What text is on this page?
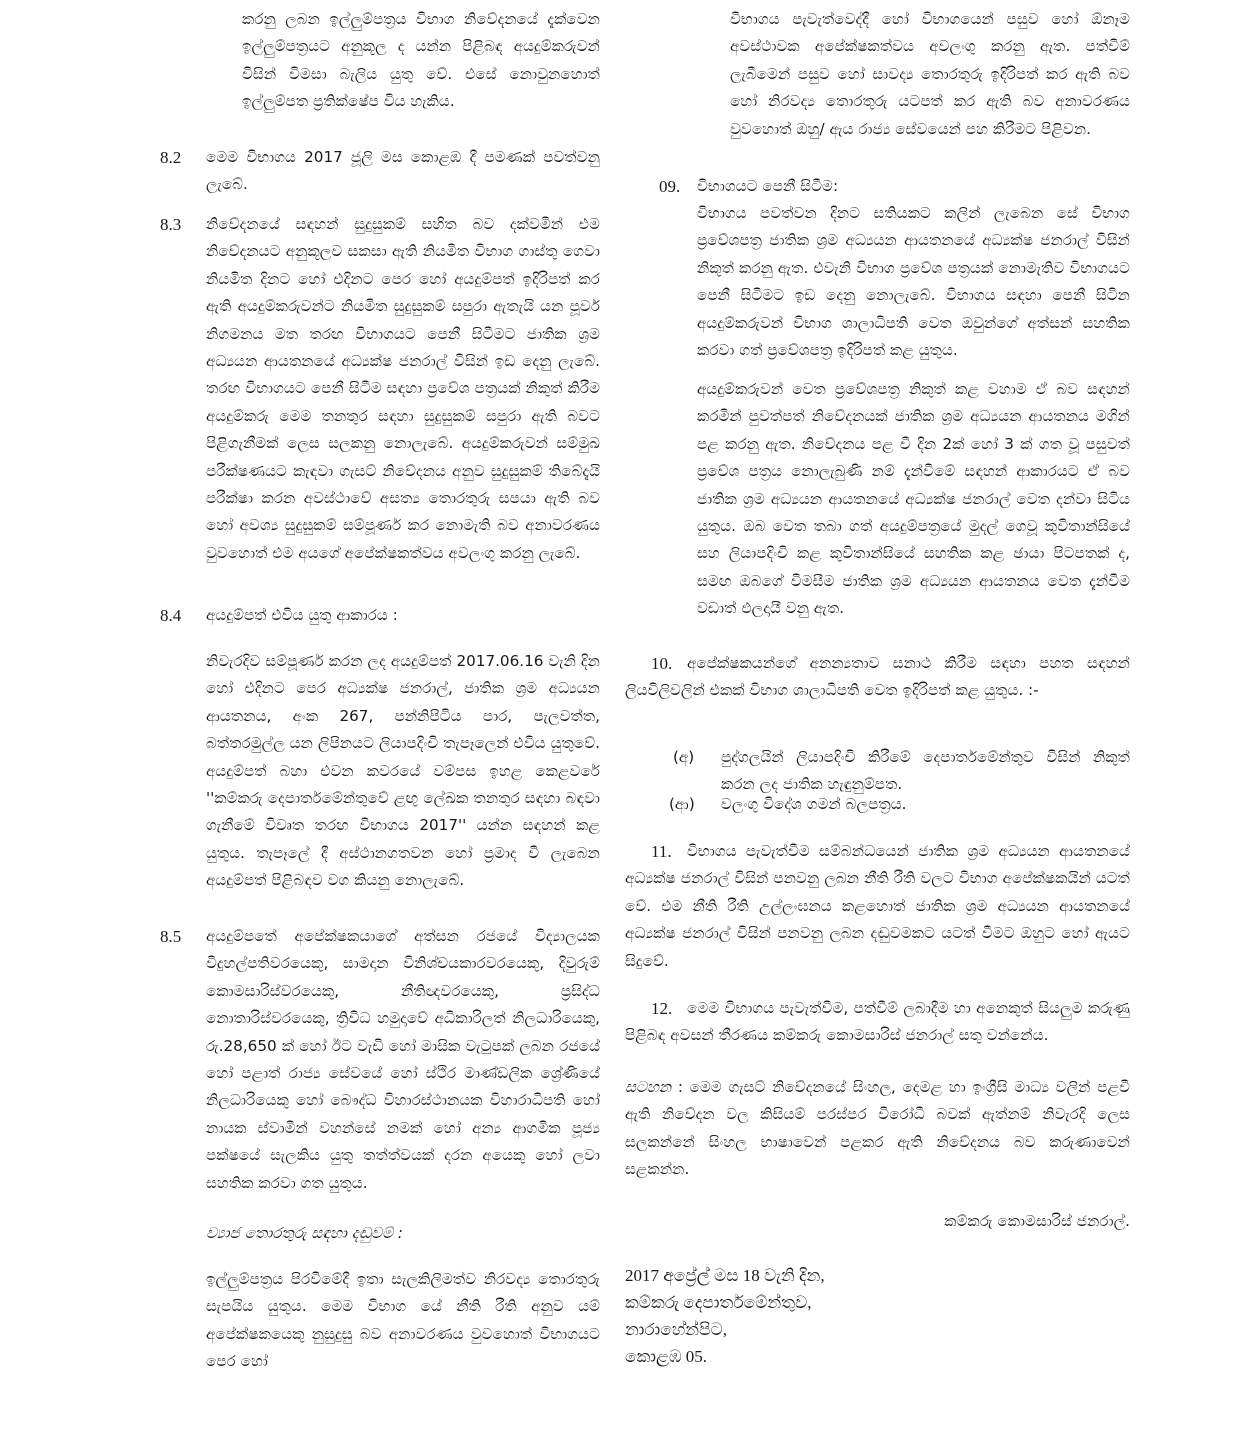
කරනු ලබන ඉල්ලුම්පත්‍රය විභාග නිවේදනයේ දැක්වෙන ඉල්ලුම්පත්‍රයට අනුකූල ද යන්න පිළිබඳ අයදුම්කරුවන් විසින් විමසා බැලිය යුතු වේ. එසේ නොවුනහොත් ඉල්ලුම්පත ප්‍රතික්ෂේප විය හැකිය.
8.2 මෙම විභාගය 2017 ජූලි මස කොළඹ දී පමණක් පවත්වනු ලැබේ.
8.3 නිවේදනයේ සඳහන් සුදුසුකම් සහිත බව දක්වමින් එම නිවේදනයට අනුකූලව සකසා ඇති නියමිත විභාග ගාස්තු ගෙවා නියමිත දිනට හෝ එදිනට පෙර හෝ අයදුම්පත් ඉදිරිපත් කර ඇති අයදුම්කරුවන්ට නියමිත සුදුසුකම් සපුරා ඇතැයි යන පූර්ව නිගමනය මත තරඟ විභාගයට පෙනී සිටීමට ජාතික ශ්‍රම අධ්‍යයන ආයතනයේ අධ්‍යක්ෂ ජනරාල් විසින් ඉඩ දෙනු ලැබේ. තරඟ විභාගයට පෙනී සිටීම සඳහා ප්‍රවේශ පත්‍රයක් නිකුත් කිරීම අයදුම්කරු මෙම තනතුර සඳහා සුදුසුකම් සපුරා ඇති බවට පිළිගැනීමක් ලෙස සලකනු නොලැබේ. අයදුම්කරුවන් සම්මුඛ පරීක්ෂණයට කැඳවා ගැසට් නිවේදනය අනුව සුදුසුකම් තිබේදැයි පරීක්ෂා කරන අවස්ථාවේ අසත්‍ය තොරතුරු සපයා ඇති බව හෝ අවශ්‍ය සුදුසුකම් සම්පූර්ණ කර නොමැති බව අනාවරණය වුවහොත් එම අයගේ අපේක්ෂකත්වය අවලංගු කරනු ලැබේ.
8.4 අයදුම්පත් එවිය යුතු ආකාරය :
නිවැරදිව සම්පූර්ණ කරන ලද අයදුම්පත් 2017.06.16 වැනි දින හෝ එදිනට පෙර අධ්‍යක්ෂ ජනරාල්, ජාතික ශ්‍රම අධ්‍යයන ආයතනය, අංක 267, පන්නිපිටිය පාර, පැලවත්ත, බත්තරමුල්ල යන ලිපිනයට ලියාපදිංචි තැපෑලෙන් එවිය යුතුවේ. අයදුම්පත් බහා එවන කවරයේ වම්පස ඉහළ කෙළවරේ ''කම්කරු දෙපාර්තමේන්තුවේ ළඟු ලේඛක තනතුර සඳහා බඳවා ගැනීමේ විවෘත තරඟ විභාගය 2017'' යන්න සඳහන් කළ යුතුය. තැපෑලේ දී අස්ථානගතවන හෝ ප්‍රමාද වී ලැබෙන අයදුම්පත් පිළිබඳව වග කියනු නොලැබේ.
8.5 අයදුම්පතේ අපේක්ෂකයාගේ අත්සන රජයේ විද්‍යාලයක විදුහල්පතිවරයෙකු, සාමදාන විනිශ්චයකාරවරයෙකු, දිවුරුම් කොමසාරිස්වරයෙකු, නීතිඥවරයෙකු, ප්‍රසිද්ධ නොතාරිස්වරයෙකු, ත්‍රිවිධ හමුදාවේ අධිකාරිලත් නිලධාරියෙකු, රු.28,650 ක් හෝ ඊට වැඩි හෝ මාසික වැටුපක් ලබන රජයේ හෝ පළාත් රාජ්‍ය සේවයේ හෝ ස්ථිර මාණ්ඩලික ශ්‍රේණියේ නිලධාරියෙකු හෝ බෞද්ධ විහාරස්ථානයක විහාරාධිපති හෝ නායක ස්වාමීන් වහන්සේ නමක් හෝ අන්‍ය ආගමික පූජ්‍ය පක්ෂයේ සැලකිය යුතු තත්ත්වයක් දරන අයෙකු හෝ ලවා සහතික කරවා ගත යුතුය.
ව්‍යාජ තොරතුරු සඳහා දඬුවම් :
ඉල්ලුම්පත්‍රය පිරවීමේදී ඉතා සැලකිලිමත්ව නිරවද්‍ය තොරතුරු සැපයිය යුතුය. මෙම විභාග යේ නීති රීති අනුව යම් අපේක්ෂකයෙකු නුසුදුසු බව අනාවරණය වුවහොත් විභාගයට පෙර හෝ
විභාගය පැවැත්වෙද්දී හෝ විභාගයෙන් පසුව හෝ ඕනෑම අවස්ථාවක අපේක්ෂකත්වය අවලංගු කරනු ඇත. පත්වීම් ලැබීමෙන් පසුව හෝ සාවද්‍ය තොරතුරු ඉදිරිපත් කර ඇති බව හෝ නිරවද්‍ය තොරතුරු යටපත් කර ඇති බව අනාවරණය වුවහොත් ඔහු/ ඇය රාජ්‍ය සේවයෙන් පහ කිරීමට පිළිවන.
09. විභාගයට පෙනී සිටීම:
විභාගය පවත්වන දිනට සතියකට කලින් ලැබෙන සේ විභාග ප්‍රවේශපත්‍ර ජාතික ශ්‍රම අධ්‍යයන ආයතනයේ අධ්‍යක්ෂ ජනරාල් විසින් නිකුත් කරනු ඇත. එවැනි විභාග ප්‍රවේශ පත්‍රයක් නොමැතිව විභාගයට පෙනී සිටීමට ඉඩ දෙනු නොලැබේ. විභාගය සඳහා පෙනී සිටින අයදුම්කරුවන් විභාග ශාලාධිපති වෙත ඔවුන්ගේ අත්සන් සහතික කරවා ගත් ප්‍රවේශපත්‍ර ඉදිරිපත් කළ යුතුය.
අයදුම්කරුවන් වෙත ප්‍රවේශපත්‍ර නිකුත් කළ වහාම ඒ බව සඳහන් කරමින් පුවත්පත් නිවේදනයක් ජාතික ශ්‍රම අධ්‍යයන ආයතනය මගින් පළ කරනු ඇත. නිවේදනය පළ වී දින 2ක් හෝ 3 ක් ගත වූ පසුවත් ප්‍රවේශ පත්‍රය නොලැබුණි නම් දැන්වීමේ සඳහන් ආකාරයට ඒ බව ජාතික ශ්‍රම අධ්‍යයන ආයතනයේ අධ්‍යක්ෂ ජනරාල් වෙත දන්වා සිටිය යුතුය. ඔබ වෙත තබා ගත් අයදුම්පත්‍රයේ මුදල් ගෙවූ කුවිතාන්සියේ සහ ලියාපදිංචි කළ කුවිතාන්සියේ සහතික කළ ඡායා පිටපතක් ද, සමඟ ඔබගේ විමසීම ජාතික ශ්‍රම අධ්‍යයන ආයතනය වෙත දැන්වීම වඩාත් ඵලදායී වනු ඇත.
10. අපේක්ෂකයන්ගේ අනන්‍යතාව සනාථ කිරීම සඳහා පහත සඳහන් ලියවිලිවලින් එකක් විභාග ශාලාධිපති වෙත ඉදිරිපත් කළ යුතුය. :-
(අ)	පුද්ගලයින් ලියාපදිංචි කිරීමේ දෙපාර්තමේන්තුව විසින් නිකුත් කරන ලද ජාතික හැඳුනුම්පත.
(ආ)	වලංගු විදේශ ගමන් බලපත්‍රය.
11.	විභාගය පැවැත්වීම සම්බන්ධයෙන් ජාතික ශ්‍රම අධ්‍යයන ආයතනයේ අධ්‍යක්ෂ ජනරාල් විසින් පනවනු ලබන නීති රීති වලට විභාග අපේක්ෂකයින් යටත් වේ. එම නීති රීති උල්ලංඝනය කළහොත් ජාතික ශ්‍රම අධ්‍යයන ආයතනයේ අධ්‍යක්ෂ ජනරාල් විසින් පනවනු ලබන දඬුවමකට යටත් වීමට ඔහුට හෝ ඇයට සිදුවේ.
12. මෙම විභාගය පැවැත්වීම, පත්වීම් ලබාදීම හා අනෙකුත් සියලුම කරුණු පිළිබඳ අවසන් තීරණය කම්කරු කොමසාරිස් ජනරාල් සතු වන්නේය.
සටහන : මෙම ගැසට් නිවේදනයේ සිංහල, දෙමළ හා ඉංග්‍රීසි මාධ්‍ය වලින් පළවී ඇති නිවේදන වල කිසියම් පරස්පර විරෝධී බවක් ඇත්නම් නිවැරදි ලෙස සලකන්නේ සිංහල භාෂාවෙන් පළකර ඇති නිවේදනය බව කරුණාවෙන් සළකන්න.
කම්කරු කොමසාරිස් ජනරාල්.
2017 අප්‍රේල් මස 18 වැනි දින,
කම්කරු දෙපාර්තමේන්තුව,
නාරාහේන්පිට,
කොළඹ 05.
